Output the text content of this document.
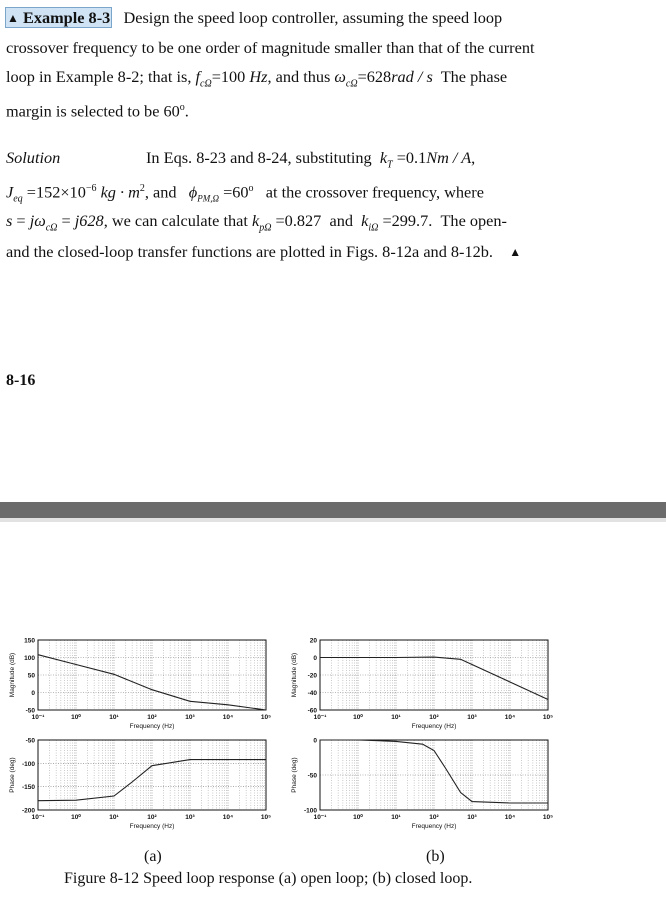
▲ Example 8-3 Design the speed loop controller, assuming the speed loop
crossover frequency to be one order of magnitude smaller than that of the current
loop in Example 8-2; that is, $f_{c\Omega}=100$ Hz, and thus $\omega_{c\Omega}=628rad / s$ The phase
margin is selected to be 60$^o$.
Solution	In Eqs. 8-23 and 8-24, substituting $k_T =0.1Nm / A$,
$J_{eq} =152\times 10^{-6}$ kg · $m^2$, and $\phi_{PM,\Omega} =60^o$ at the crossover frequency, where
$s = j\omega_{c\Omega} = j628$, we can calculate that $k_{p\Omega} =0.827$ and $k_{i\Omega} =299.7$. The open-
and the closed-loop transfer functions are plotted in Figs. 8-12a and 8-12b. ▲
8-16
150
100
50
0
-50
10⁻¹	10⁰	10¹	10²	10³	10⁴	10⁵
Frequency (Hz)
Magnitude (dB)
-50
-100
-150
-200
10⁻¹	10⁰	10¹	10²	10³	10⁴	10⁵
Frequency (Hz)
Phase (deg)
20
0
-20
-40
-60
10⁻¹	10⁰	10¹	10²	10³	10⁴	10⁵
Frequency (Hz)
Magnitude (dB)
0
-50
-100
10⁻¹	10⁰	10¹	10²	10³	10⁴	10⁵
Frequency (Hz)
Phase (deg)
(a)	(b)
Figure 8-12 Speed loop response (a) open loop; (b) closed loop.
